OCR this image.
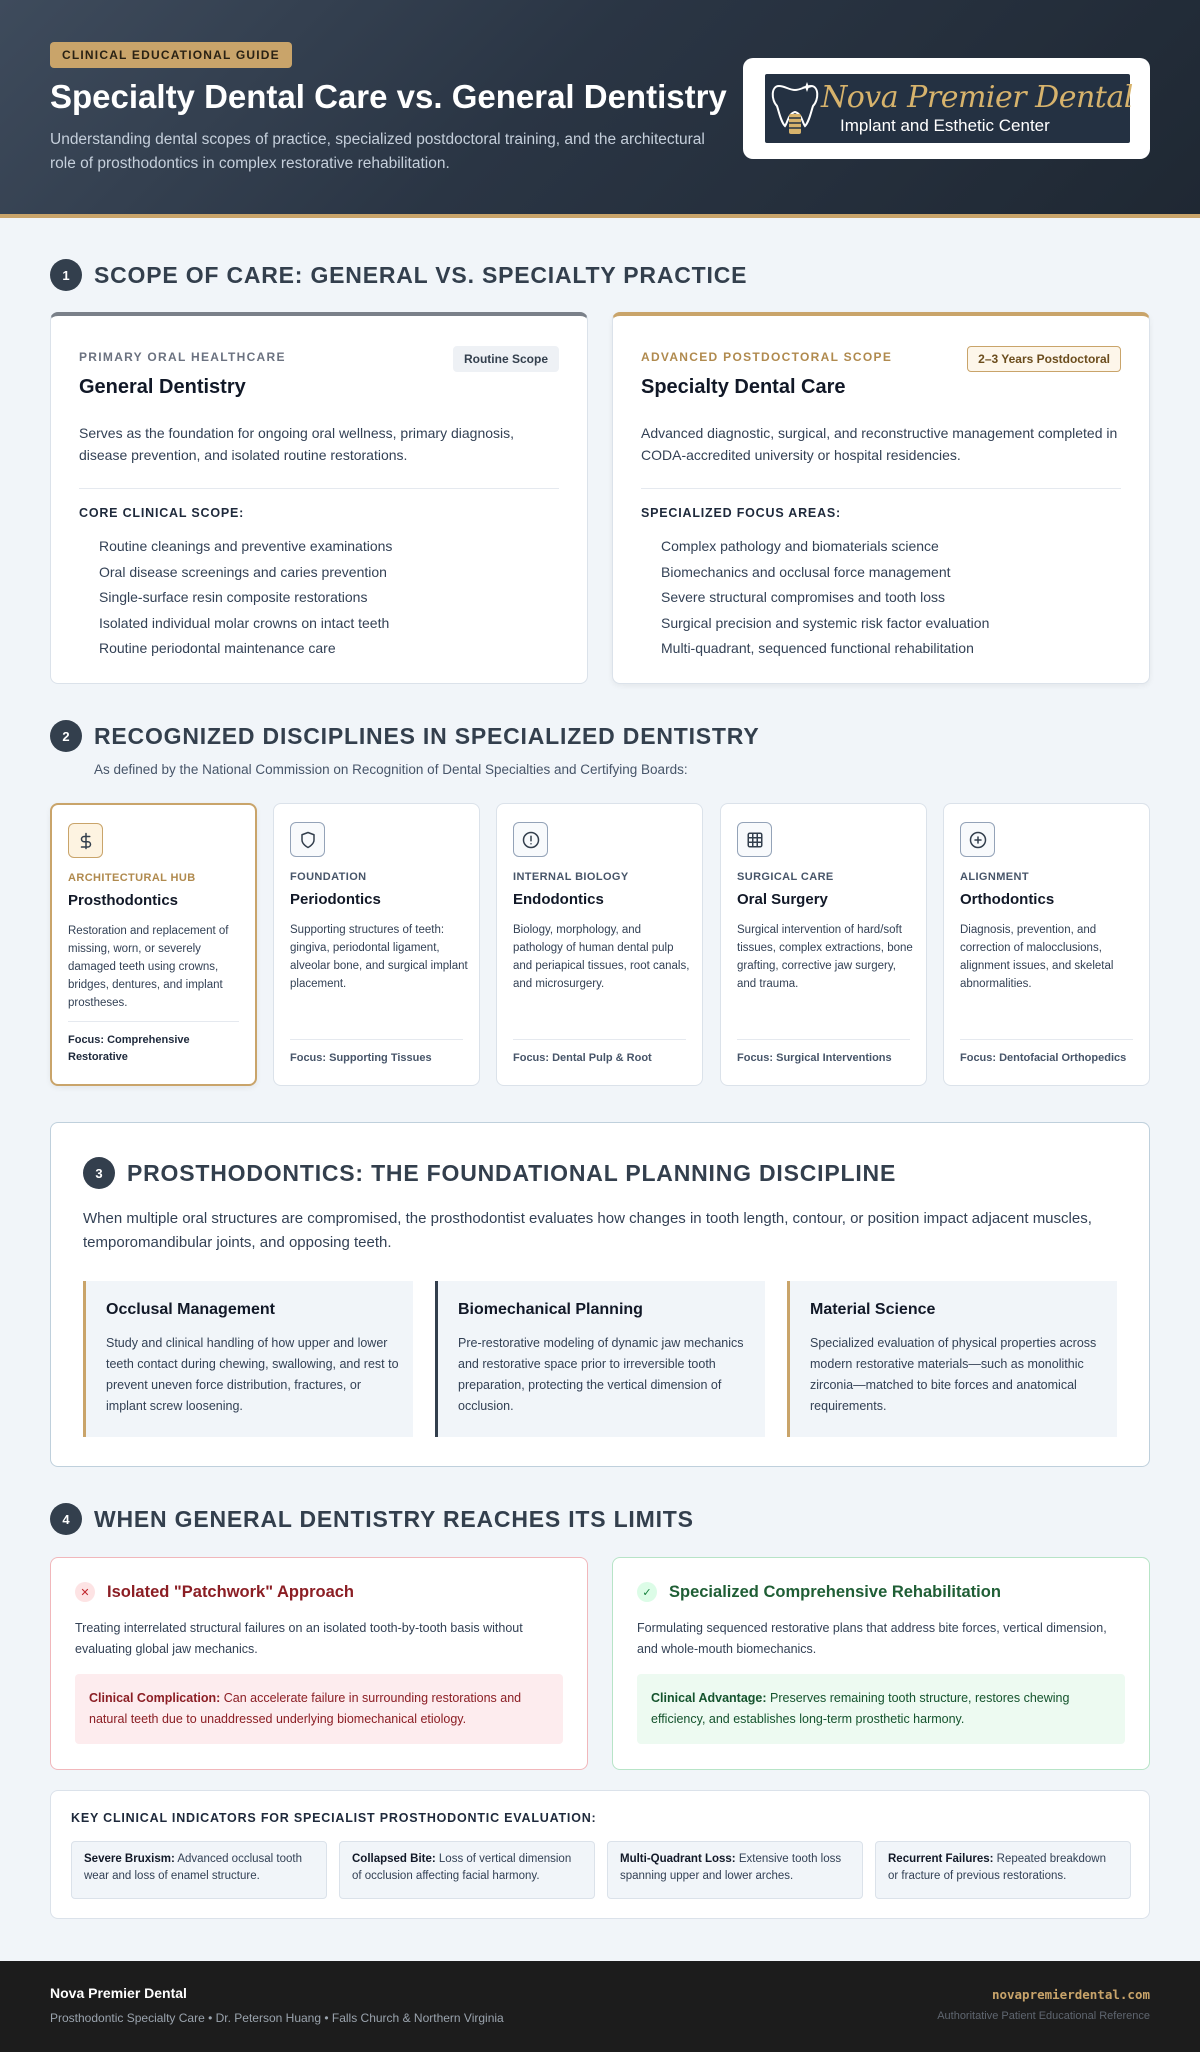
CLINICAL EDUCATIONAL GUIDE
Specialty Dental Care vs. General Dentistry
Understanding dental scopes of practice, specialized postdoctoral training, and the architectural role of prosthodontics in complex restorative rehabilitation.
Nova Premier Dental
Implant and Esthetic Center
1	SCOPE OF CARE: GENERAL VS. SPECIALTY PRACTICE
PRIMARY ORAL HEALTHCARE	Routine Scope
General Dentistry
Serves as the foundation for ongoing oral wellness, primary diagnosis, disease prevention, and isolated routine restorations.
CORE CLINICAL SCOPE:
Routine cleanings and preventive examinations
Oral disease screenings and caries prevention
Single-surface resin composite restorations
Isolated individual molar crowns on intact teeth
Routine periodontal maintenance care
ADVANCED POSTDOCTORAL SCOPE	2–3 Years Postdoctoral
Specialty Dental Care
Advanced diagnostic, surgical, and reconstructive management completed in CODA-accredited university or hospital residencies.
SPECIALIZED FOCUS AREAS:
Complex pathology and biomaterials science
Biomechanics and occlusal force management
Severe structural compromises and tooth loss
Surgical precision and systemic risk factor evaluation
Multi-quadrant, sequenced functional rehabilitation
2	RECOGNIZED DISCIPLINES IN SPECIALIZED DENTISTRY
As defined by the National Commission on Recognition of Dental Specialties and Certifying Boards:
ARCHITECTURAL HUB
Prosthodontics
Restoration and replacement of missing, worn, or severely damaged teeth using crowns, bridges, dentures, and implant prostheses.
Focus: Comprehensive Restorative
FOUNDATION
Periodontics
Supporting structures of teeth: gingiva, periodontal ligament, alveolar bone, and surgical implant placement.
Focus: Supporting Tissues
INTERNAL BIOLOGY
Endodontics
Biology, morphology, and pathology of human dental pulp and periapical tissues, root canals, and microsurgery.
Focus: Dental Pulp & Root
SURGICAL CARE
Oral Surgery
Surgical intervention of hard/soft tissues, complex extractions, bone grafting, corrective jaw surgery, and trauma.
Focus: Surgical Interventions
ALIGNMENT
Orthodontics
Diagnosis, prevention, and correction of malocclusions, alignment issues, and skeletal abnormalities.
Focus: Dentofacial Orthopedics
3	PROSTHODONTICS: THE FOUNDATIONAL PLANNING DISCIPLINE
When multiple oral structures are compromised, the prosthodontist evaluates how changes in tooth length, contour, or position impact adjacent muscles, temporomandibular joints, and opposing teeth.
Occlusal Management
Study and clinical handling of how upper and lower teeth contact during chewing, swallowing, and rest to prevent uneven force distribution, fractures, or implant screw loosening.
Biomechanical Planning
Pre-restorative modeling of dynamic jaw mechanics and restorative space prior to irreversible tooth preparation, protecting the vertical dimension of occlusion.
Material Science
Specialized evaluation of physical properties across modern restorative materials—such as monolithic zirconia—matched to bite forces and anatomical requirements.
4	WHEN GENERAL DENTISTRY REACHES ITS LIMITS
✕	Isolated "Patchwork" Approach
Treating interrelated structural failures on an isolated tooth-by-tooth basis without evaluating global jaw mechanics.
Clinical Complication: Can accelerate failure in surrounding restorations and natural teeth due to unaddressed underlying biomechanical etiology.
✓	Specialized Comprehensive Rehabilitation
Formulating sequenced restorative plans that address bite forces, vertical dimension, and whole-mouth biomechanics.
Clinical Advantage: Preserves remaining tooth structure, restores chewing efficiency, and establishes long-term prosthetic harmony.
KEY CLINICAL INDICATORS FOR SPECIALIST PROSTHODONTIC EVALUATION:
Severe Bruxism: Advanced occlusal tooth wear and loss of enamel structure.
Collapsed Bite: Loss of vertical dimension of occlusion affecting facial harmony.
Multi-Quadrant Loss: Extensive tooth loss spanning upper and lower arches.
Recurrent Failures: Repeated breakdown or fracture of previous restorations.
Nova Premier Dental
Prosthodontic Specialty Care • Dr. Peterson Huang • Falls Church & Northern Virginia
novapremierdental.com
Authoritative Patient Educational Reference
